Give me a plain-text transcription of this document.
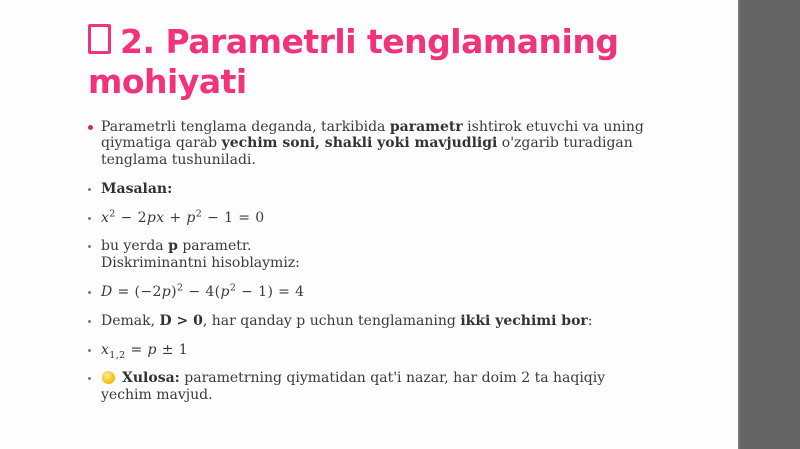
2. Parametrli tenglamaning mohiyati
Parametrli tenglama deganda, tarkibida parametr ishtirok etuvchi va uning qiymatiga qarab yechim soni, shakli yoki mavjudligi o'zgarib turadigan tenglama tushuniladi.
Masalan:
$x^2 - 2px + p^2 - 1 = 0$
bu yerda p parametr.
Diskriminantni hisoblaymiz:
$D = (-2p)^2 - 4(p^2 - 1) = 4$
Demak, D > 0, har qanday p uchun tenglamaning ikki yechimi bor:
$x_{1,2} = p \pm 1$
Xulosa: parametrning qiymatidan qat'i nazar, har doim 2 ta haqiqiy yechim mavjud.
